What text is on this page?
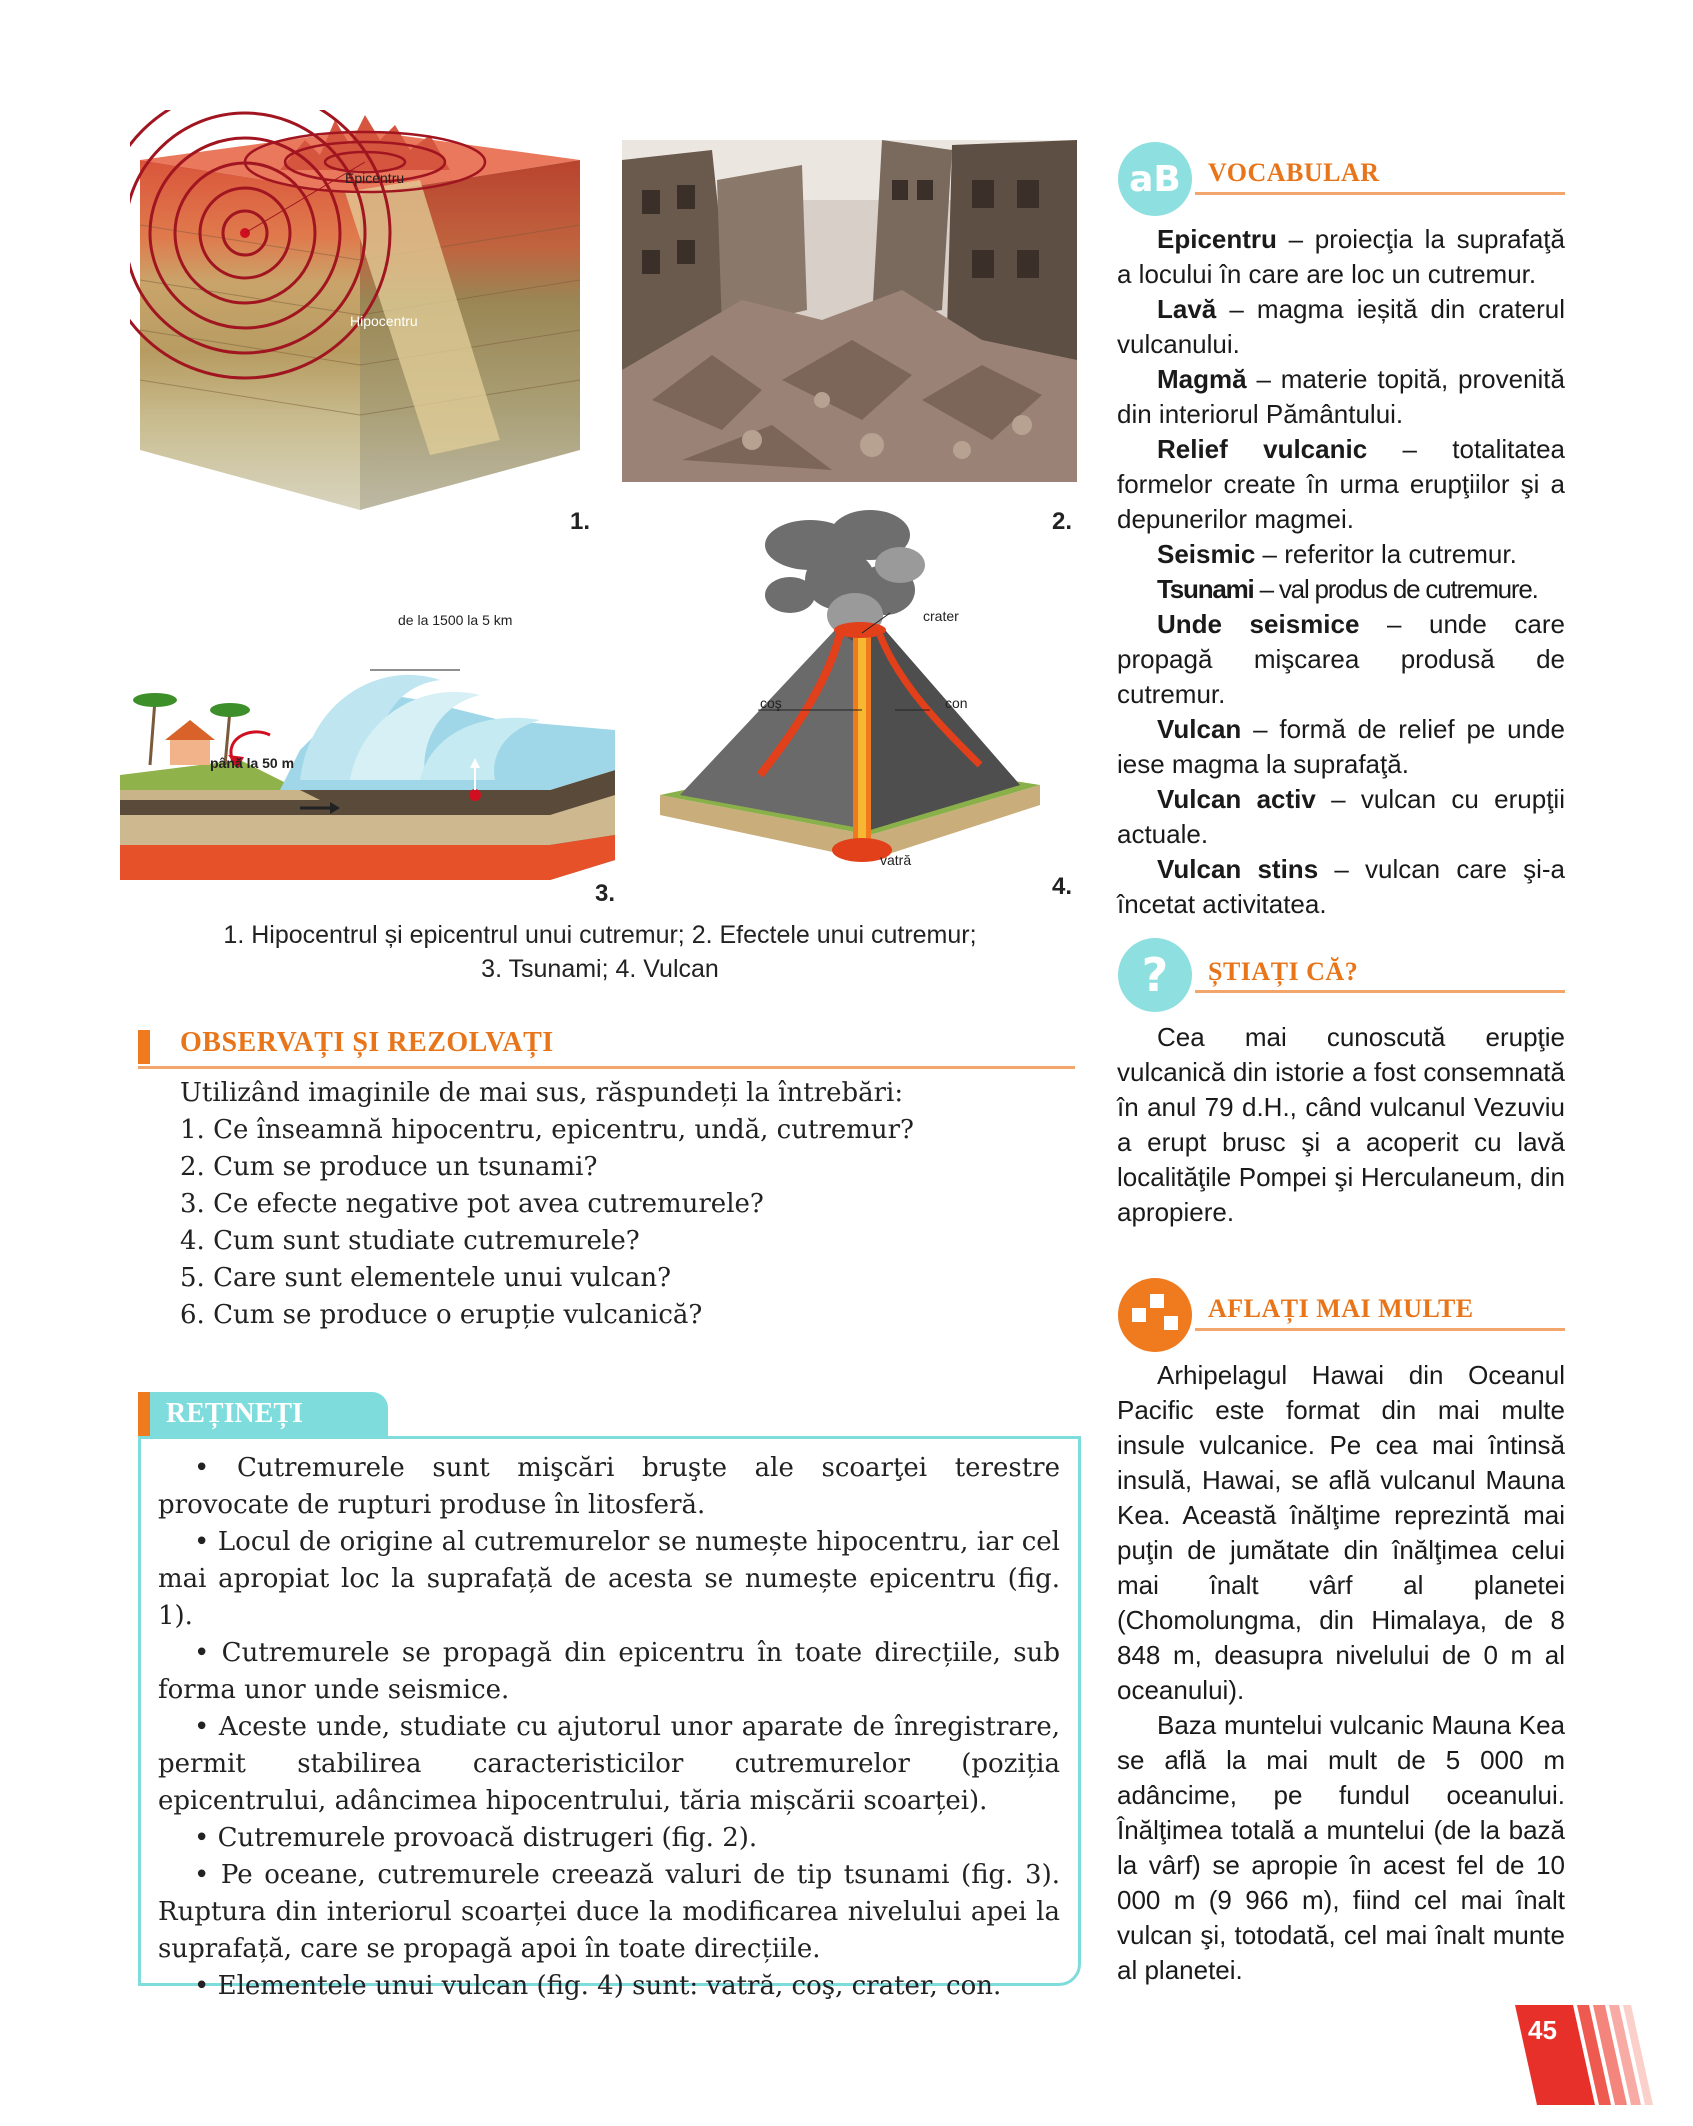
Epicentru
Hipocentru
1.	2.
de la 1500 la 5 km
până la 50 m
3.
crater
coş	con
vatră
4.
1. Hipocentrul și epicentrul unui cutremur; 2. Efectele unui cutremur;
3. Tsunami; 4. Vulcan
OBSERVAȚI ȘI REZOLVAȚI
Utilizând imaginile de mai sus, răspundeți la întrebări:
1. Ce înseamnă hipocentru, epicentru, undă, cutremur?
2. Cum se produce un tsunami?
3. Ce efecte negative pot avea cutremurele?
4. Cum sunt studiate cutremurele?
5. Care sunt elementele unui vulcan?
6. Cum se produce o erupție vulcanică?
REȚINEȚI

• Cutremurele sunt mişcări bruşte ale scoarţei terestre provocate de rupturi produse în litosferă.

• Locul de origine al cutremurelor se numește hipocentru, iar cel mai apropiat loc la suprafață de acesta se numește epicentru (fig. 1).

• Cutremurele se propagă din epicentru în toate direcțiile, sub forma unor unde seismice.

• Aceste unde, studiate cu ajutorul unor aparate de înregistrare, permit stabilirea caracteristicilor cutremurelor (poziția epicentrului, adâncimea hipocentrului, tăria mișcării scoarței).

• Cutremurele provoacă distrugeri (fig. 2).

• Pe oceane, cutremurele creează valuri de tip tsunami (fig. 3). Ruptura din interiorul scoarței duce la modificarea nivelului apei la suprafață, care se propagă apoi în toate direcțiile.

• Elementele unui vulcan (fig. 4) sunt: vatră, coş, crater, con.

aB VOCABULAR

Epicentru – proiecţia la suprafaţă a locului în care are loc un cutremur.

Lavă – magma ieșită din craterul vulcanului.

Magmă – materie topită, provenită din interiorul Pământului.

Relief vulcanic – totalitatea formelor create în urma erupţiilor şi a depunerilor magmei.

Seismic – referitor la cutremur.

Tsunami – val produs de cutremure.

Unde seismice – unde care propagă mişcarea produsă de cutremur.

Vulcan – formă de relief pe unde iese magma la suprafaţă.

Vulcan activ – vulcan cu erupţii actuale.

Vulcan stins – vulcan care şi-a încetat activitatea.

? ȘTIAȚI CĂ?

Cea mai cunoscută erupţie vulcanică din istorie a fost consemnată în anul 79 d.H., când vulcanul Vezuviu a erupt brusc şi a acoperit cu lavă localităţile Pompei şi Herculaneum, din apropiere.

AFLAȚI MAI MULTE

Arhipelagul Hawai din Oceanul Pacific este format din mai multe insule vulcanice. Pe cea mai întinsă insulă, Hawai, se află vulcanul Mauna Kea. Această înălţime reprezintă mai puţin de jumătate din înălţimea celui mai înalt vârf al planetei (Chomolungma, din Himalaya, de 8 848 m, deasupra nivelului de 0 m al oceanului).

Baza muntelui vulcanic Mauna Kea se află la mai mult de 5 000 m adâncime, pe fundul oceanului. Înălţimea totală a muntelui (de la bază la vârf) se apropie în acest fel de 10 000 m (9 966 m), fiind cel mai înalt vulcan şi, totodată, cel mai înalt munte al planetei.

45
